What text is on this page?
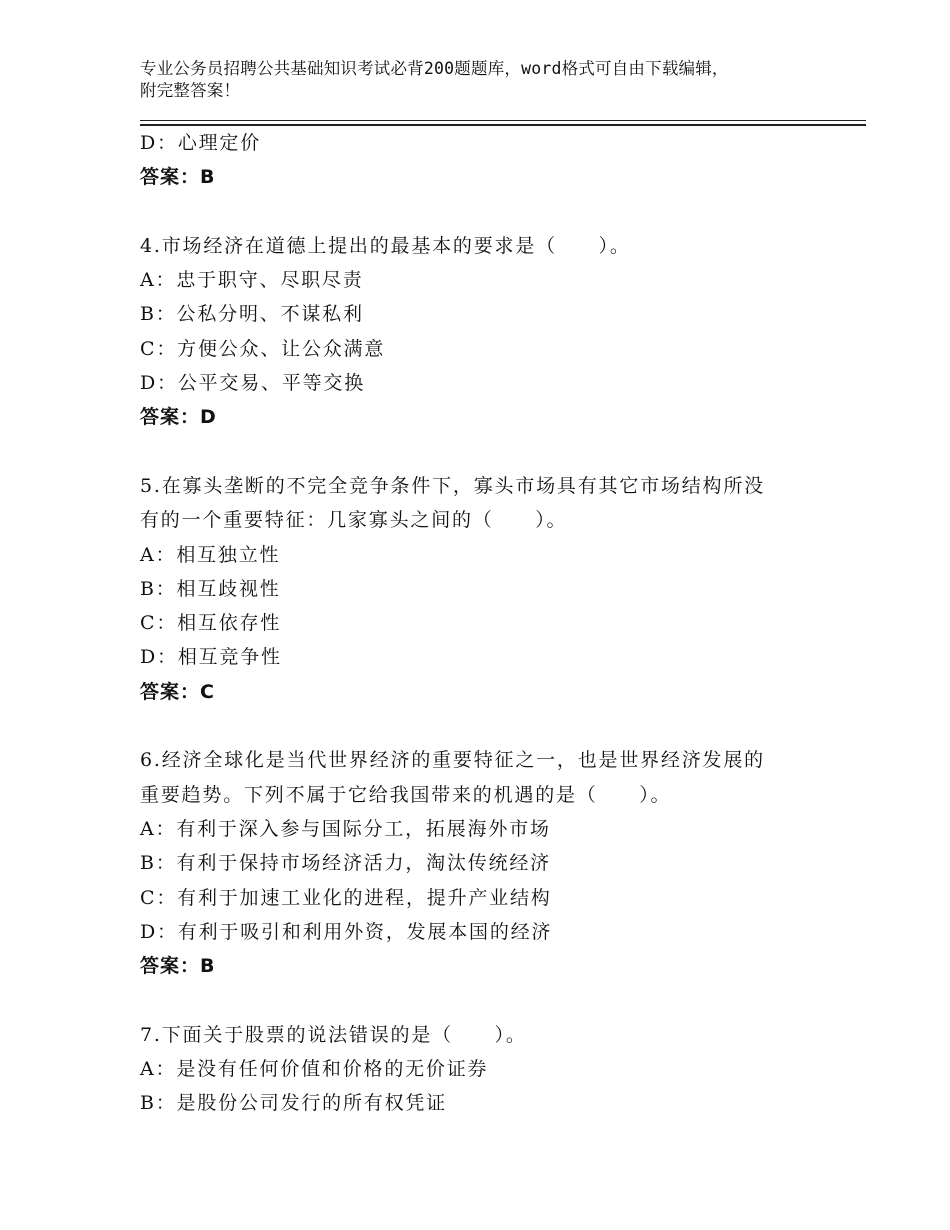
专业公务员招聘公共基础知识考试必背200题题库，word格式可自由下载编辑，
附完整答案！
D：心理定价
答案：B
4.市场经济在道德上提出的最基本的要求是（　　）。
A：忠于职守、尽职尽责
B：公私分明、不谋私利
C：方便公众、让公众满意
D：公平交易、平等交换
答案：D
5.在寡头垄断的不完全竞争条件下，寡头市场具有其它市场结构所没
有的一个重要特征：几家寡头之间的（　　）。
A：相互独立性
B：相互歧视性
C：相互依存性
D：相互竞争性
答案：C
6.经济全球化是当代世界经济的重要特征之一，也是世界经济发展的
重要趋势。下列不属于它给我国带来的机遇的是（　　）。
A：有利于深入参与国际分工，拓展海外市场
B：有利于保持市场经济活力，淘汰传统经济
C：有利于加速工业化的进程，提升产业结构
D：有利于吸引和利用外资，发展本国的经济
答案：B
7.下面关于股票的说法错误的是（　　）。
A：是没有任何价值和价格的无价证券
B：是股份公司发行的所有权凭证
